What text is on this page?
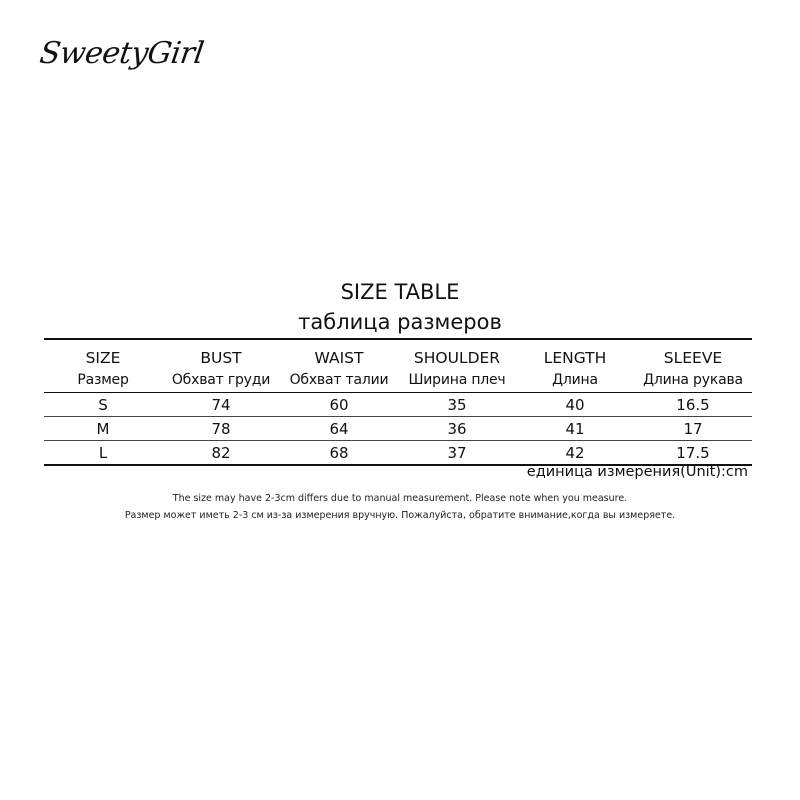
SweetyGirl
SIZE TABLE
таблица размеров
SIZE	BUST	WAIST	SHOULDER	LENGTH	SLEEVE
Размер	Обхват груди	Обхват талии	Ширина плеч	Длина	Длина рукава
S	74	60	35	40	16.5
M	78	64	36	41	17
L	82	68	37	42	17.5
единица измерения(Unit):cm
The size may have 2-3cm differs due to manual measurement. Please note when you measure.
Размер может иметь 2-3 см из-за измерения вручную. Пожалуйста, обратите внимание,когда вы измеряете.
